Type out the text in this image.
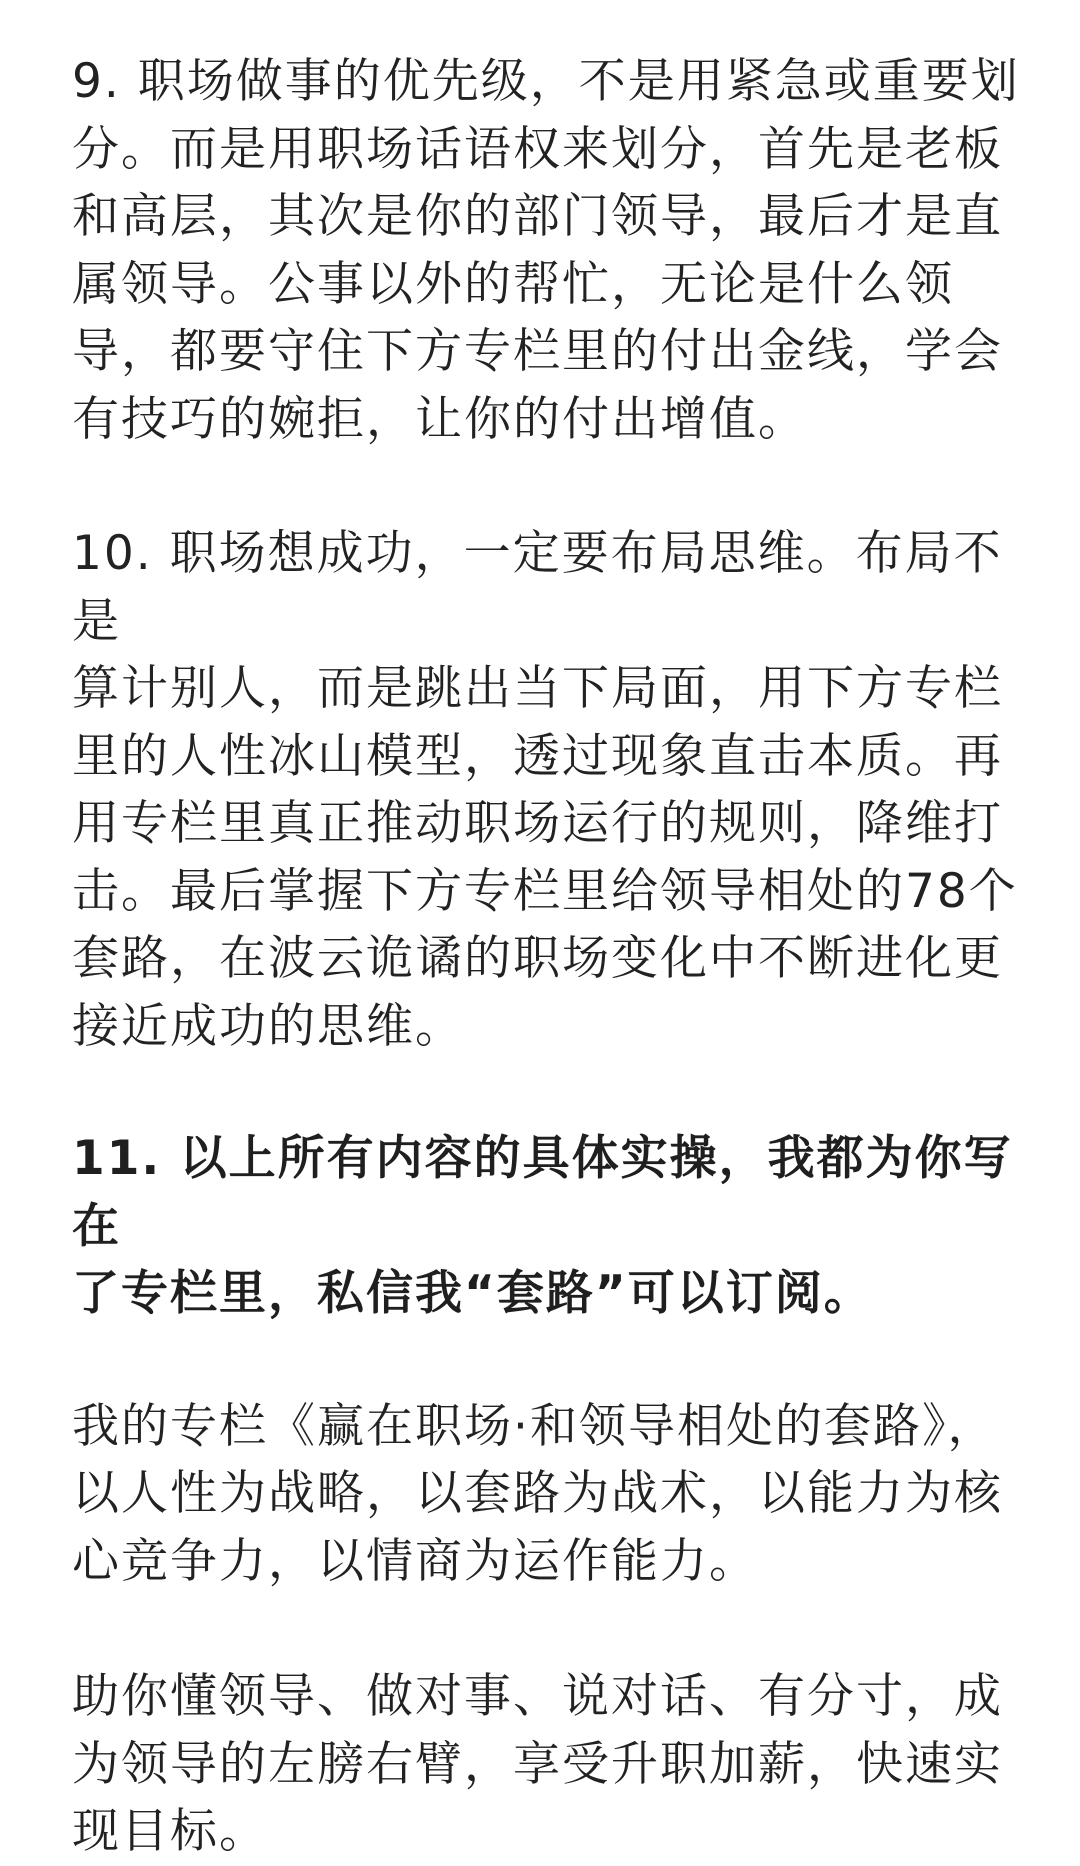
9. 职场做事的优先级，不是用紧急或重要划
分。而是用职场话语权来划分，首先是老板
和高层，其次是你的部门领导，最后才是直
属领导。公事以外的帮忙，无论是什么领
导，都要守住下方专栏里的付出金线，学会
有技巧的婉拒，让你的付出增值。

10. 职场想成功，一定要布局思维。布局不是
算计别人，而是跳出当下局面，用下方专栏
里的人性冰山模型，透过现象直击本质。再
用专栏里真正推动职场运行的规则，降维打
击。最后掌握下方专栏里给领导相处的78个
套路，在波云诡谲的职场变化中不断进化更
接近成功的思维。

11. 以上所有内容的具体实操，我都为你写在
了专栏里，私信我“套路”可以订阅。

我的专栏《赢在职场·和领导相处的套路》，
以人性为战略，以套路为战术，以能力为核
心竞争力，以情商为运作能力。

助你懂领导、做对事、说对话、有分寸，成
为领导的左膀右臂，享受升职加薪，快速实
现目标。
